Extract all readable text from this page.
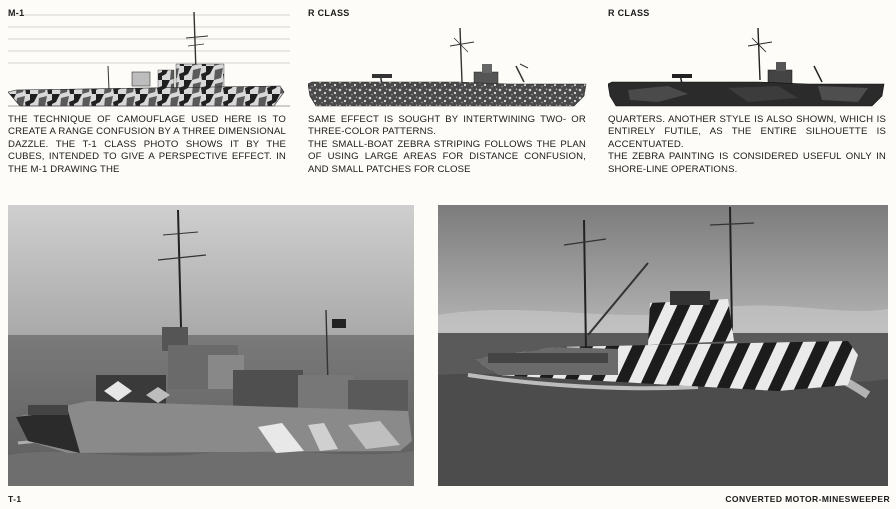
M-1	R CLASS	R CLASS

THE TECHNIQUE OF CAMOUFLAGE USED HERE IS TO CREATE A RANGE CONFUSION BY A THREE DIMENSIONAL DAZZLE. THE T-1 CLASS PHOTO SHOWS IT BY THE CUBES, INTENDED TO GIVE A PERSPECTIVE EFFECT. IN THE M-1 DRAWING THE

SAME EFFECT IS SOUGHT BY INTERTWINING TWO- OR THREE-COLOR PATTERNS.

THE SMALL-BOAT ZEBRA STRIPING FOLLOWS THE PLAN OF USING LARGE AREAS FOR DISTANCE CONFUSION, AND SMALL PATCHES FOR CLOSE

QUARTERS. ANOTHER STYLE IS ALSO SHOWN, WHICH IS ENTIRELY FUTILE, AS THE ENTIRE SILHOUETTE IS ACCENTUATED.

THE ZEBRA PAINTING IS CONSIDERED USEFUL ONLY IN SHORE-LINE OPERATIONS.

T-1	CONVERTED MOTOR-MINESWEEPER
